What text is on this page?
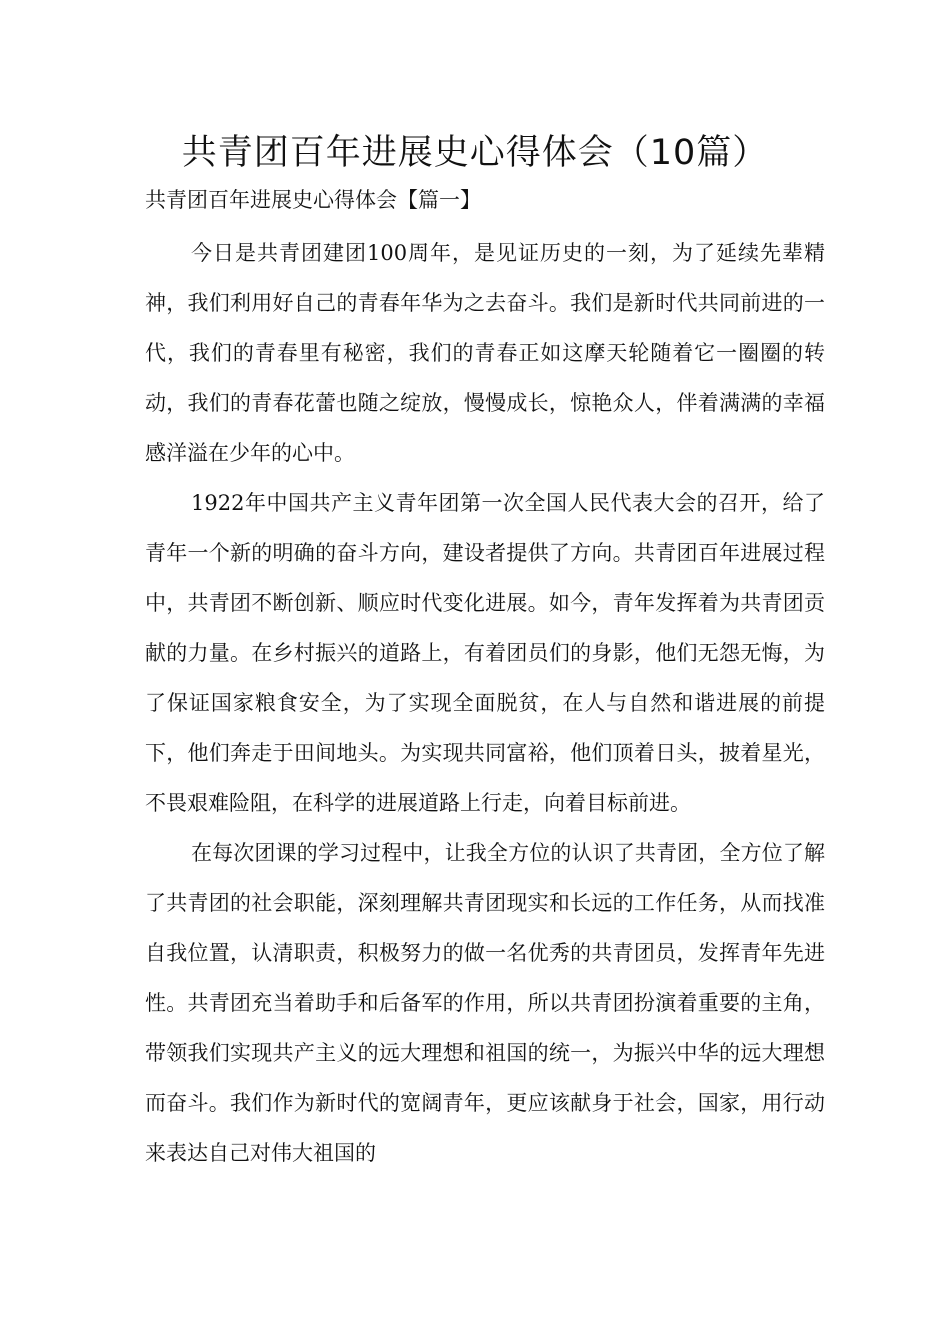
共青团百年进展史心得体会（10篇）
共青团百年进展史心得体会【篇一】

今日是共青团建团100周年，是见证历史的一刻，为了延续先辈精神，我们利用好自己的青春年华为之去奋斗。我们是新时代共同前进的一代，我们的青春里有秘密，我们的青春正如这摩天轮随着它一圈圈的转动，我们的青春花蕾也随之绽放，慢慢成长，惊艳众人，伴着满满的幸福感洋溢在少年的心中。

1922年中国共产主义青年团第一次全国人民代表大会的召开，给了青年一个新的明确的奋斗方向，建设者提供了方向。共青团百年进展过程中，共青团不断创新、顺应时代变化进展。如今，青年发挥着为共青团贡献的力量。在乡村振兴的道路上，有着团员们的身影，他们无怨无悔，为了保证国家粮食安全，为了实现全面脱贫，在人与自然和谐进展的前提下，他们奔走于田间地头。为实现共同富裕，他们顶着日头，披着星光，不畏艰难险阻，在科学的进展道路上行走，向着目标前进。

在每次团课的学习过程中，让我全方位的认识了共青团，全方位了解了共青团的社会职能，深刻理解共青团现实和长远的工作任务，从而找准自我位置，认清职责，积极努力的做一名优秀的共青团员，发挥青年先进性。共青团充当着助手和后备军的作用，所以共青团扮演着重要的主角，带领我们实现共产主义的远大理想和祖国的统一，为振兴中华的远大理想而奋斗。我们作为新时代的宽阔青年，更应该献身于社会，国家，用行动来表达自己对伟大祖国的
